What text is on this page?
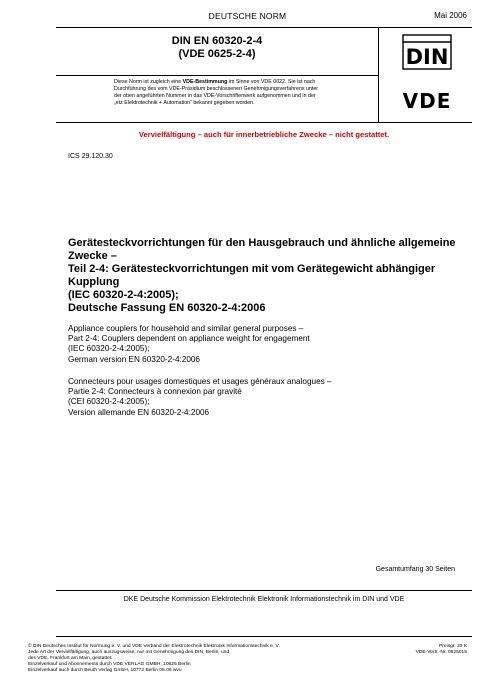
DEUTSCHE NORM	Mai 2006
DIN EN 60320-2-4
(VDE 0625-2-4)	DIN
VDE
Diese Norm ist zugleich eine VDE-Bestimmung im Sinne von VDE 0022. Sie ist nach
Durchführung des vom VDE-Präsidium beschlossenen Genehmigungsverfahrens unter
der oben angeführten Nummer in das VDE-Vorschriftenwerk aufgenommen und in der
„etz Elektrotechnik + Automation“ bekannt gegeben worden.
Vervielfältigung – auch für innerbetriebliche Zwecke – nicht gestattet.
ICS 29.120.30
Gerätesteckvorrichtungen für den Hausgebrauch und ähnliche allgemeine
Zwecke –
Teil 2-4: Gerätesteckvorrichtungen mit vom Gerätegewicht abhängiger
Kupplung
(IEC 60320-2-4:2005);
Deutsche Fassung EN 60320-2-4:2006
Appliance couplers for household and similar general purposes –
Part 2-4: Couplers dependent on appliance weight for engagement
(IEC 60320-2-4:2005);
German version EN 60320-2-4:2006
Connecteurs pour usages domestiques et usages généraux analogues –
Partie 2-4: Connecteurs à connexion par gravité
(CEI 60320-2-4:2005);
Version allemande EN 60320-2-4:2006
Gesamtumfang 30 Seiten
DKE Deutsche Kommission Elektrotechnik Elektronik Informationstechnik im DIN und VDE
© DIN Deutsches Institut für Normung e. V. und VDE Verband der Elektrotechnik Elektronik Informationstechnik e. V.
Jede Art der Vervielfältigung, auch auszugsweise, nur mit Genehmigung des DIN, Berlin, und
des VDE, Frankfurt am Main, gestattet.
Einzelverkauf und Abonnements durch VDE VERLAG GMBH, 10625 Berlin
Einzelverkauf auch durch Beuth Verlag GmbH, 10772 Berlin 05.06 wvu
Preisgr. 20 K
VDE-Vertr.-Nr. 0625015
